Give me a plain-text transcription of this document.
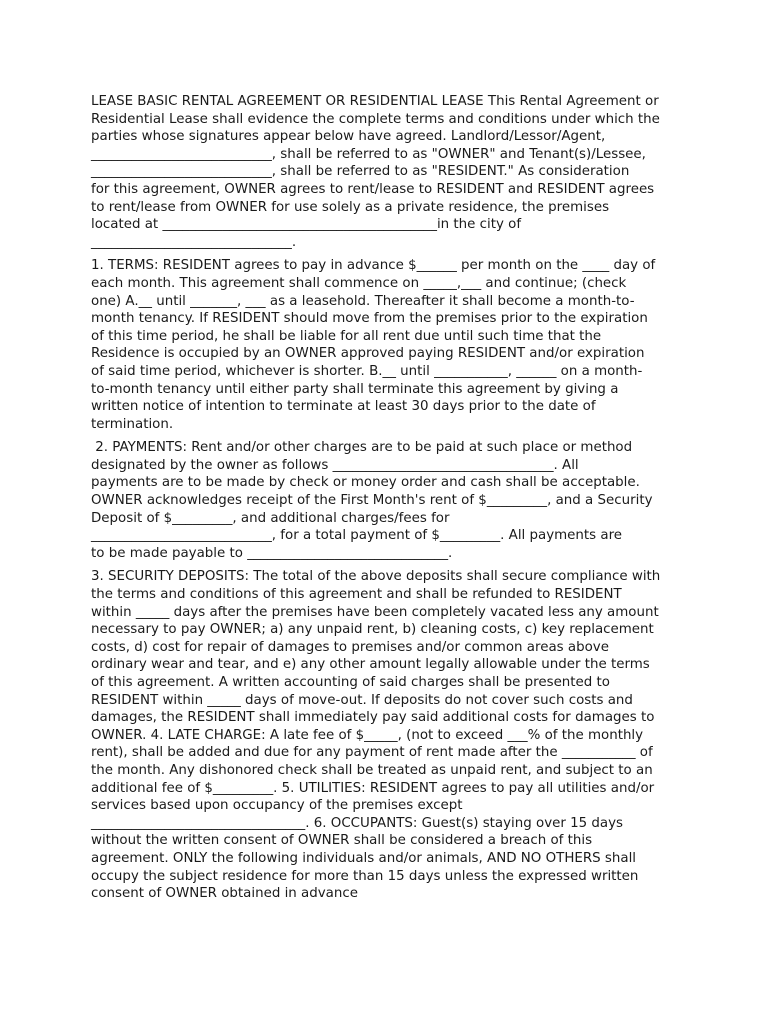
LEASE BASIC RENTAL AGREEMENT OR RESIDENTIAL LEASE This Rental Agreement or
Residential Lease shall evidence the complete terms and conditions under which the
parties whose signatures appear below have agreed. Landlord/Lessor/Agent,
___________________________, shall be referred to as "OWNER" and Tenant(s)/Lessee,
___________________________, shall be referred to as "RESIDENT." As consideration
for this agreement, OWNER agrees to rent/lease to RESIDENT and RESIDENT agrees
to rent/lease from OWNER for use solely as a private residence, the premises
located at _________________________________________in the city of
______________________________.
1. TERMS: RESIDENT agrees to pay in advance $______ per month on the ____ day of
each month. This agreement shall commence on _____,___ and continue; (check
one) A.__ until _______, ___ as a leasehold. Thereafter it shall become a month-to-
month tenancy. If RESIDENT should move from the premises prior to the expiration
of this time period, he shall be liable for all rent due until such time that the
Residence is occupied by an OWNER approved paying RESIDENT and/or expiration
of said time period, whichever is shorter. B.__ until ___________, ______ on a month-
to-month tenancy until either party shall terminate this agreement by giving a
written notice of intention to terminate at least 30 days prior to the date of
termination.
2. PAYMENTS: Rent and/or other charges are to be paid at such place or method
designated by the owner as follows _________________________________. All
payments are to be made by check or money order and cash shall be acceptable.
OWNER acknowledges receipt of the First Month's rent of $_________, and a Security
Deposit of $_________, and additional charges/fees for
___________________________, for a total payment of $_________. All payments are
to be made payable to ______________________________.
3. SECURITY DEPOSITS: The total of the above deposits shall secure compliance with
the terms and conditions of this agreement and shall be refunded to RESIDENT
within _____ days after the premises have been completely vacated less any amount
necessary to pay OWNER; a) any unpaid rent, b) cleaning costs, c) key replacement
costs, d) cost for repair of damages to premises and/or common areas above
ordinary wear and tear, and e) any other amount legally allowable under the terms
of this agreement. A written accounting of said charges shall be presented to
RESIDENT within _____ days of move-out. If deposits do not cover such costs and
damages, the RESIDENT shall immediately pay said additional costs for damages to
OWNER. 4. LATE CHARGE: A late fee of $_____, (not to exceed ___% of the monthly
rent), shall be added and due for any payment of rent made after the ___________ of
the month. Any dishonored check shall be treated as unpaid rent, and subject to an
additional fee of $_________. 5. UTILITIES: RESIDENT agrees to pay all utilities and/or
services based upon occupancy of the premises except
________________________________. 6. OCCUPANTS: Guest(s) staying over 15 days
without the written consent of OWNER shall be considered a breach of this
agreement. ONLY the following individuals and/or animals, AND NO OTHERS shall
occupy the subject residence for more than 15 days unless the expressed written
consent of OWNER obtained in advance
